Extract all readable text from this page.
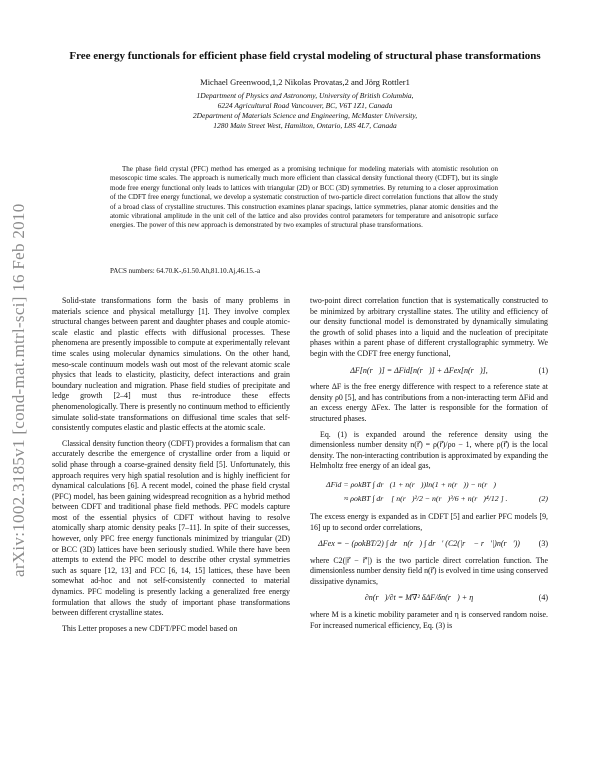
arXiv:1002.3185v1 [cond-mat.mtrl-sci] 16 Feb 2010
Free energy functionals for efficient phase field crystal modeling of structural phase transformations
Michael Greenwood,1,2 Nikolas Provatas,2 and Jörg Rottler1
1Department of Physics and Astronomy, University of British Columbia,
6224 Agricultural Road Vancouver, BC, V6T 1Z1, Canada
2Department of Materials Science and Engineering, McMaster University,
1280 Main Street West, Hamilton, Ontario, L8S 4L7, Canada
The phase field crystal (PFC) method has emerged as a promising technique for modeling materials with atomistic resolution on mesoscopic time scales. The approach is numerically much more efficient than classical density functional theory (CDFT), but its single mode free energy functional only leads to lattices with triangular (2D) or BCC (3D) symmetries. By returning to a closer approximation of the CDFT free energy functional, we develop a systematic construction of two-particle direct correlation functions that allow the study of a broad class of crystalline structures. This construction examines planar spacings, lattice symmetries, planar atomic densities and the atomic vibrational amplitude in the unit cell of the lattice and also provides control parameters for temperature and anisotropic surface energies. The power of this new approach is demonstrated by two examples of structural phase transformations.
PACS numbers: 64.70.K-,61.50.Ah,81.10.Aj,46.15.-a

Solid-state transformations form the basis of many problems in materials science and physical metallurgy [1]. They involve complex structural changes between parent and daughter phases and couple atomic-scale elastic and plastic effects with diffusional processes. These phenomena are presently impossible to compute at experimentally relevant time scales using molecular dynamics simulations. On the other hand, meso-scale continuum models wash out most of the relevant atomic scale physics that leads to elasticity, plasticity, defect interactions and grain boundary nucleation and migration. Phase field studies of precipitate and ledge growth [2–4] must thus re-introduce these effects phenomenologically. There is presently no continuum method to efficiently simulate solid-state transformations on diffusional time scales that self-consistently computes elastic and plastic effects at the atomic scale.

Classical density function theory (CDFT) provides a formalism that can accurately describe the emergence of crystalline order from a liquid or solid phase through a coarse-grained density field [5]. Unfortunately, this approach requires very high spatial resolution and is highly inefficient for dynamical calculations [6]. A recent model, coined the phase field crystal (PFC) model, has been gaining widespread recognition as a hybrid method between CDFT and traditional phase field methods. PFC models capture most of the essential physics of CDFT without having to resolve atomically sharp atomic density peaks [7–11]. In spite of their successes, however, only PFC free energy functionals minimized by triangular (2D) or BCC (3D) lattices have been seriously studied. While there have been attempts to extend the PFC model to describe other crystal symmetries such as square [12, 13] and FCC [6, 14, 15] lattices, these have been somewhat ad-hoc and not self-consistently connected to material dynamics. PFC modeling is presently lacking a generalized free energy formulation that allows the study of important phase transformations between different crystalline states.

This Letter proposes a new CDFT/PFC model based on

two-point direct correlation function that is systematically constructed to be minimized by arbitrary crystalline states. The utility and efficiency of our density functional model is demonstrated by dynamically simulating the growth of solid phases into a liquid and the nucleation of precipitate phases within a parent phase of different crystallographic symmetry. We begin with the CDFT free energy functional,

ΔF[n(r⃗)] = ΔFid[n(r⃗)] + ΔFex[n(r⃗)],	(1)

where ΔF is the free energy difference with respect to a reference state at density ρ0 [5], and has contributions from a non-interacting term ΔFid and an excess energy ΔFex. The latter is responsible for the formation of structured phases.

Eq. (1) is expanded around the reference density using the dimensionless number density n(r⃗) = ρ(r⃗)/ρo − 1, where ρ(r⃗) is the local density. The non-interacting contribution is approximated by expanding the Helmholtz free energy of an ideal gas,

ΔFid = ρokBT ∫ dr⃗(1 + n(r⃗))ln(1 + n(r⃗)) − n(r⃗)
≈ ρokBT ∫ dr⃗ [ n(r⃗)²/2 − n(r⃗)³/6 + n(r⃗)⁴/12 ] .	(2)

The excess energy is expanded as in CDFT [5] and earlier PFC models [9, 16] up to second order correlations,

ΔFex = − (ρokBT/2) ∫ dr⃗n(r⃗) ∫ dr⃗′ (C2(|r⃗ − r⃗′|)n(r⃗′))	(3)

where C2(|r⃗ − r⃗′|) is the two particle direct correlation function. The dimensionless number density field n(r⃗) is evolved in time using conserved dissipative dynamics,

∂n(r⃗)/∂t = M∇² δΔF/δn(r⃗) + η	(4)

where M is a kinetic mobility parameter and η is conserved random noise. For increased numerical efficiency, Eq. (3) is
